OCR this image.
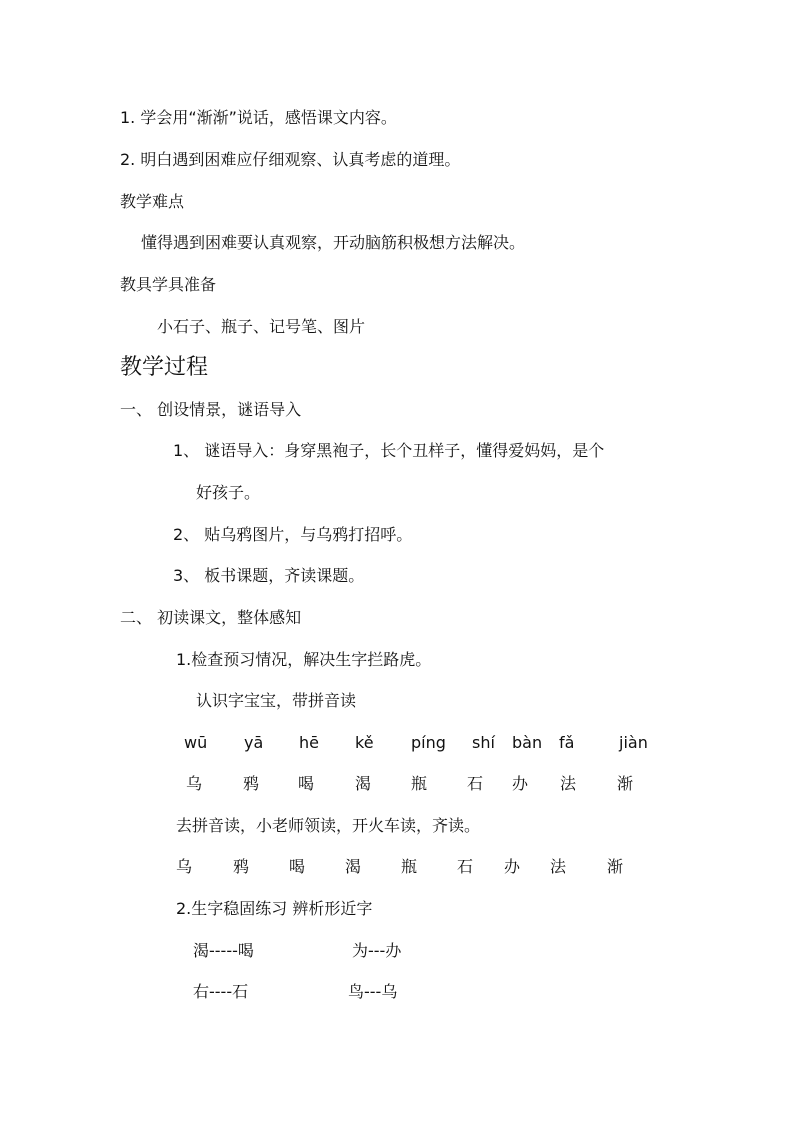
1. 学会用“渐渐”说话，感悟课文内容。
2. 明白遇到困难应仔细观察、认真考虑的道理。
教学难点
懂得遇到困难要认真观察，开动脑筋积极想方法解决。
教具学具准备
小石子、瓶子、记号笔、图片
教学过程
一、 创设情景，谜语导入
1、 谜语导入：身穿黑袍子，长个丑样子，懂得爱妈妈，是个
好孩子。
2、 贴乌鸦图片，与乌鸦打招呼。
3、 板书课题，齐读课题。
二、 初读课文，整体感知
1.检查预习情况，解决生字拦路虎。
认识字宝宝，带拼音读
wū yā hē kě píng shí bàn fǎ	jiàn
乌	鸦 喝	渴 瓶 石 办 法	渐
去拼音读，小老师领读，开火车读，齐读。
乌	鸦 喝 渴 瓶 石 办 法	渐
2.生字稳固练习 辨析形近字
渴-----喝	为---办
右----石	鸟---乌
